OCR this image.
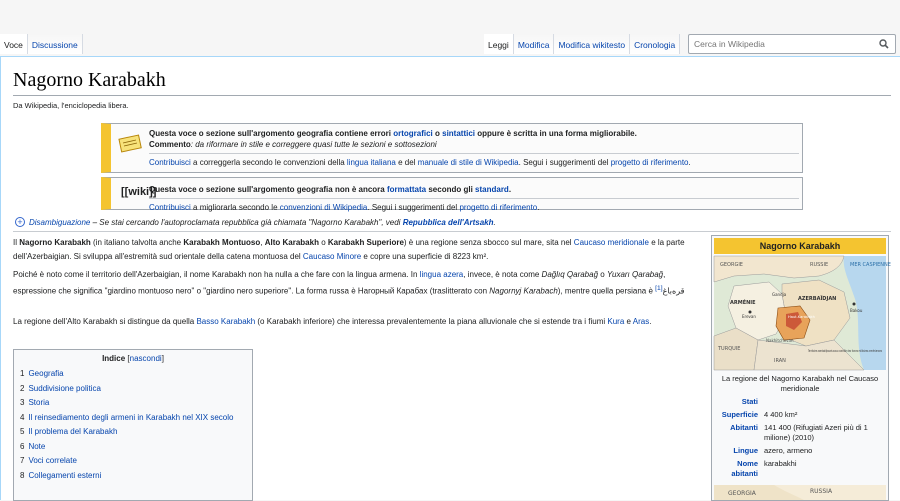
Voce	Discussione	Leggi	Modifica	Modifica wikitesto	Cronologia
Cerca in Wikipedia
Nagorno Karabakh
Da Wikipedia, l'enciclopedia libera.
Questa voce o sezione sull'argomento geografia contiene errori ortografici o sintattici oppure è scritta in una forma migliorabile.
Commento: da riformare in stile e correggere quasi tutte le sezioni e sottosezioni
Contribuisci a correggerla secondo le convenzioni della lingua italiana e del manuale di stile di Wikipedia. Segui i suggerimenti del progetto di riferimento.
[[wiki]]
Questa voce o sezione sull'argomento geografia non è ancora formattata secondo gli standard.
Contribuisci a migliorarla secondo le convenzioni di Wikipedia. Segui i suggerimenti del progetto di riferimento.
+ Disambiguazione – Se stai cercando l'autoproclamata repubblica già chiamata "Nagorno Karabakh", vedi Repubblica dell'Artsakh.
Il Nagorno Karabakh (in italiano talvolta anche Karabakh Montuoso, Alto Karabakh o Karabakh Superiore) è una regione senza sbocco sul mare, sita nel Caucaso meridionale e la parte dell'Azerbaigian. Si sviluppa all'estremità sud orientale della catena montuosa del Caucaso Minore e copre una superficie di 8223 km².
Poiché è noto come il territorio dell'Azerbaigian, il nome Karabakh non ha nulla a che fare con la lingua armena. In lingua azera, invece, è nota come Dağlıq Qarabağ o Yuxarı Qarabağ, espressione che significa "giardino montuoso nero" o "giardino nero superiore". La forma russa è Нагорный Карабах (traslitterato con Nagornyj Karabach), mentre quella persiana è قره‌باغ[1]
La regione dell'Alto Karabakh si distingue da quella Basso Karabakh (o Karabakh inferiore) che interessa prevalentemente la piana alluvionale che si estende tra i fiumi Kura e Aras.
Indice [nascondi]
1 Geografia
2 Suddivisione politica
3 Storia
4 Il reinsediamento degli armeni in Karabakh nel XIX secolo
5 Il problema del Karabakh
6 Note
7 Voci correlate
8 Collegamenti esterni
Nagorno Karabakh
GEORGIE	RUSSIE	MER CASPIENNE
ARMÉNIE
AZERBAÏDJAN
Erevan
Bakou
Gandja
Haut-Karabakh
TURQUIE
Nakhitchevan
IRAN
Territoire azerbaïdjanais sous contrôle des forces militaires arméniennes
La regione del Nagorno Karabakh nel Caucaso meridionale
Stati
Superficie 4 400 km²
Abitanti 141 400 (Rifugiati Azeri più di 1 milione) (2010)
Lingue azero, armeno
Nome abitanti
karabakhi
GEORGIA	RUSSIA
